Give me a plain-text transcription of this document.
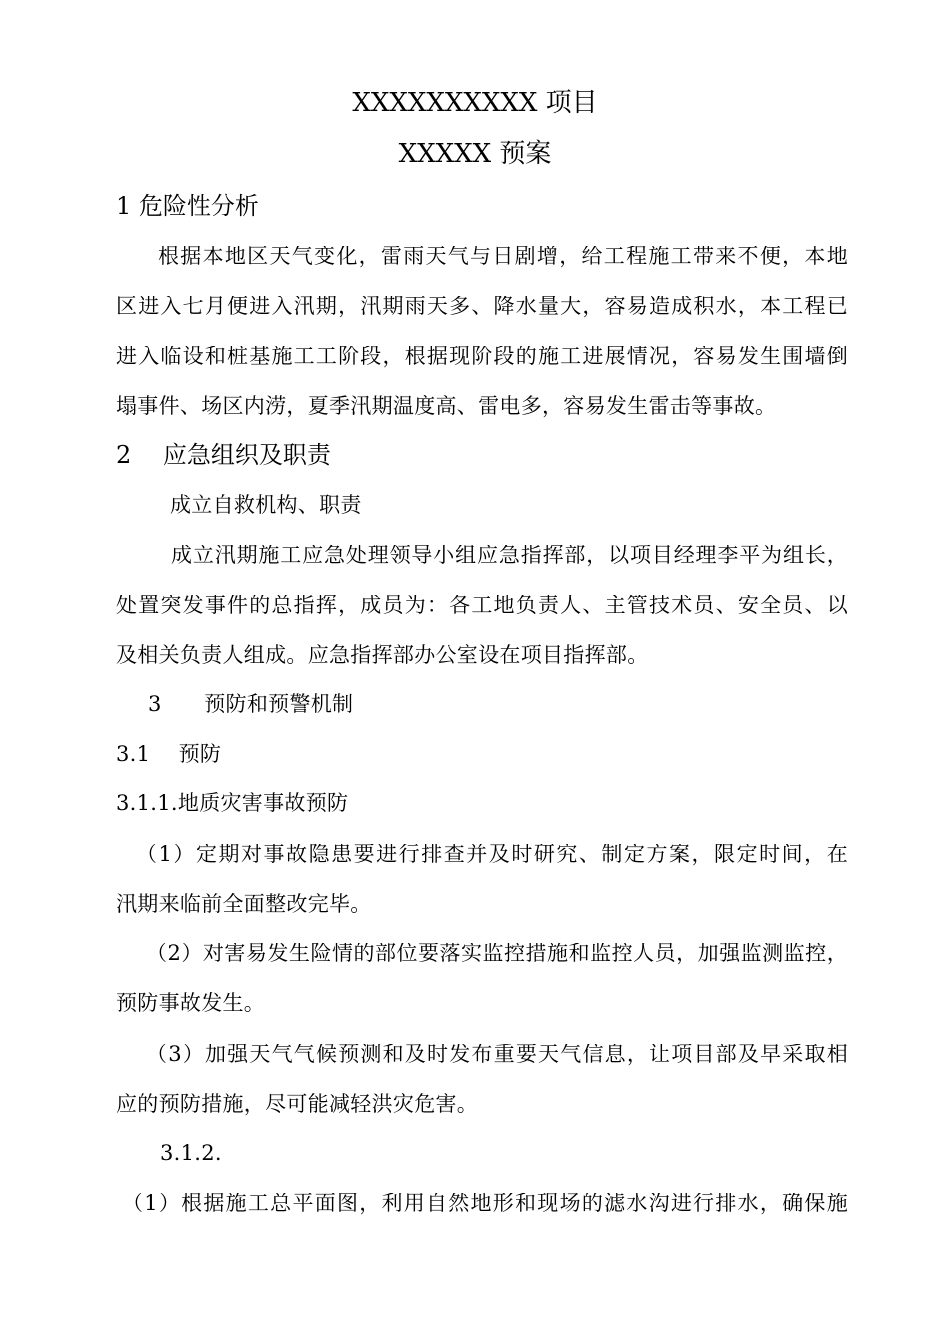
XXXXXXXXXX 项目
XXXXX 预案
1 危险性分析
根据本地区天气变化，雷雨天气与日剧增，给工程施工带来不便，本地
区进入七月便进入汛期，汛期雨天多、降水量大，容易造成积水，本工程已
进入临设和桩基施工工阶段，根据现阶段的施工进展情况，容易发生围墙倒
塌事件、场区内涝，夏季汛期温度高、雷电多，容易发生雷击等事故。
2　 应急组织及职责
成立自救机构、职责
成立汛期施工应急处理领导小组应急指挥部，以项目经理李平为组长，
处置突发事件的总指挥，成员为：各工地负责人、主管技术员、安全员、以
及相关负责人组成。应急指挥部办公室设在项目指挥部。
3　　预防和预警机制
3.1　 预防
3.1.1.地质灾害事故预防
（1）定期对事故隐患要进行排查并及时研究、制定方案，限定时间，在
汛期来临前全面整改完毕。
（2）对害易发生险情的部位要落实监控措施和监控人员，加强监测监控，
预防事故发生。
（3）加强天气气候预测和及时发布重要天气信息，让项目部及早采取相
应的预防措施，尽可能减轻洪灾危害。
3.1.2.
（1）根据施工总平面图，利用自然地形和现场的滤水沟进行排水，确保施
